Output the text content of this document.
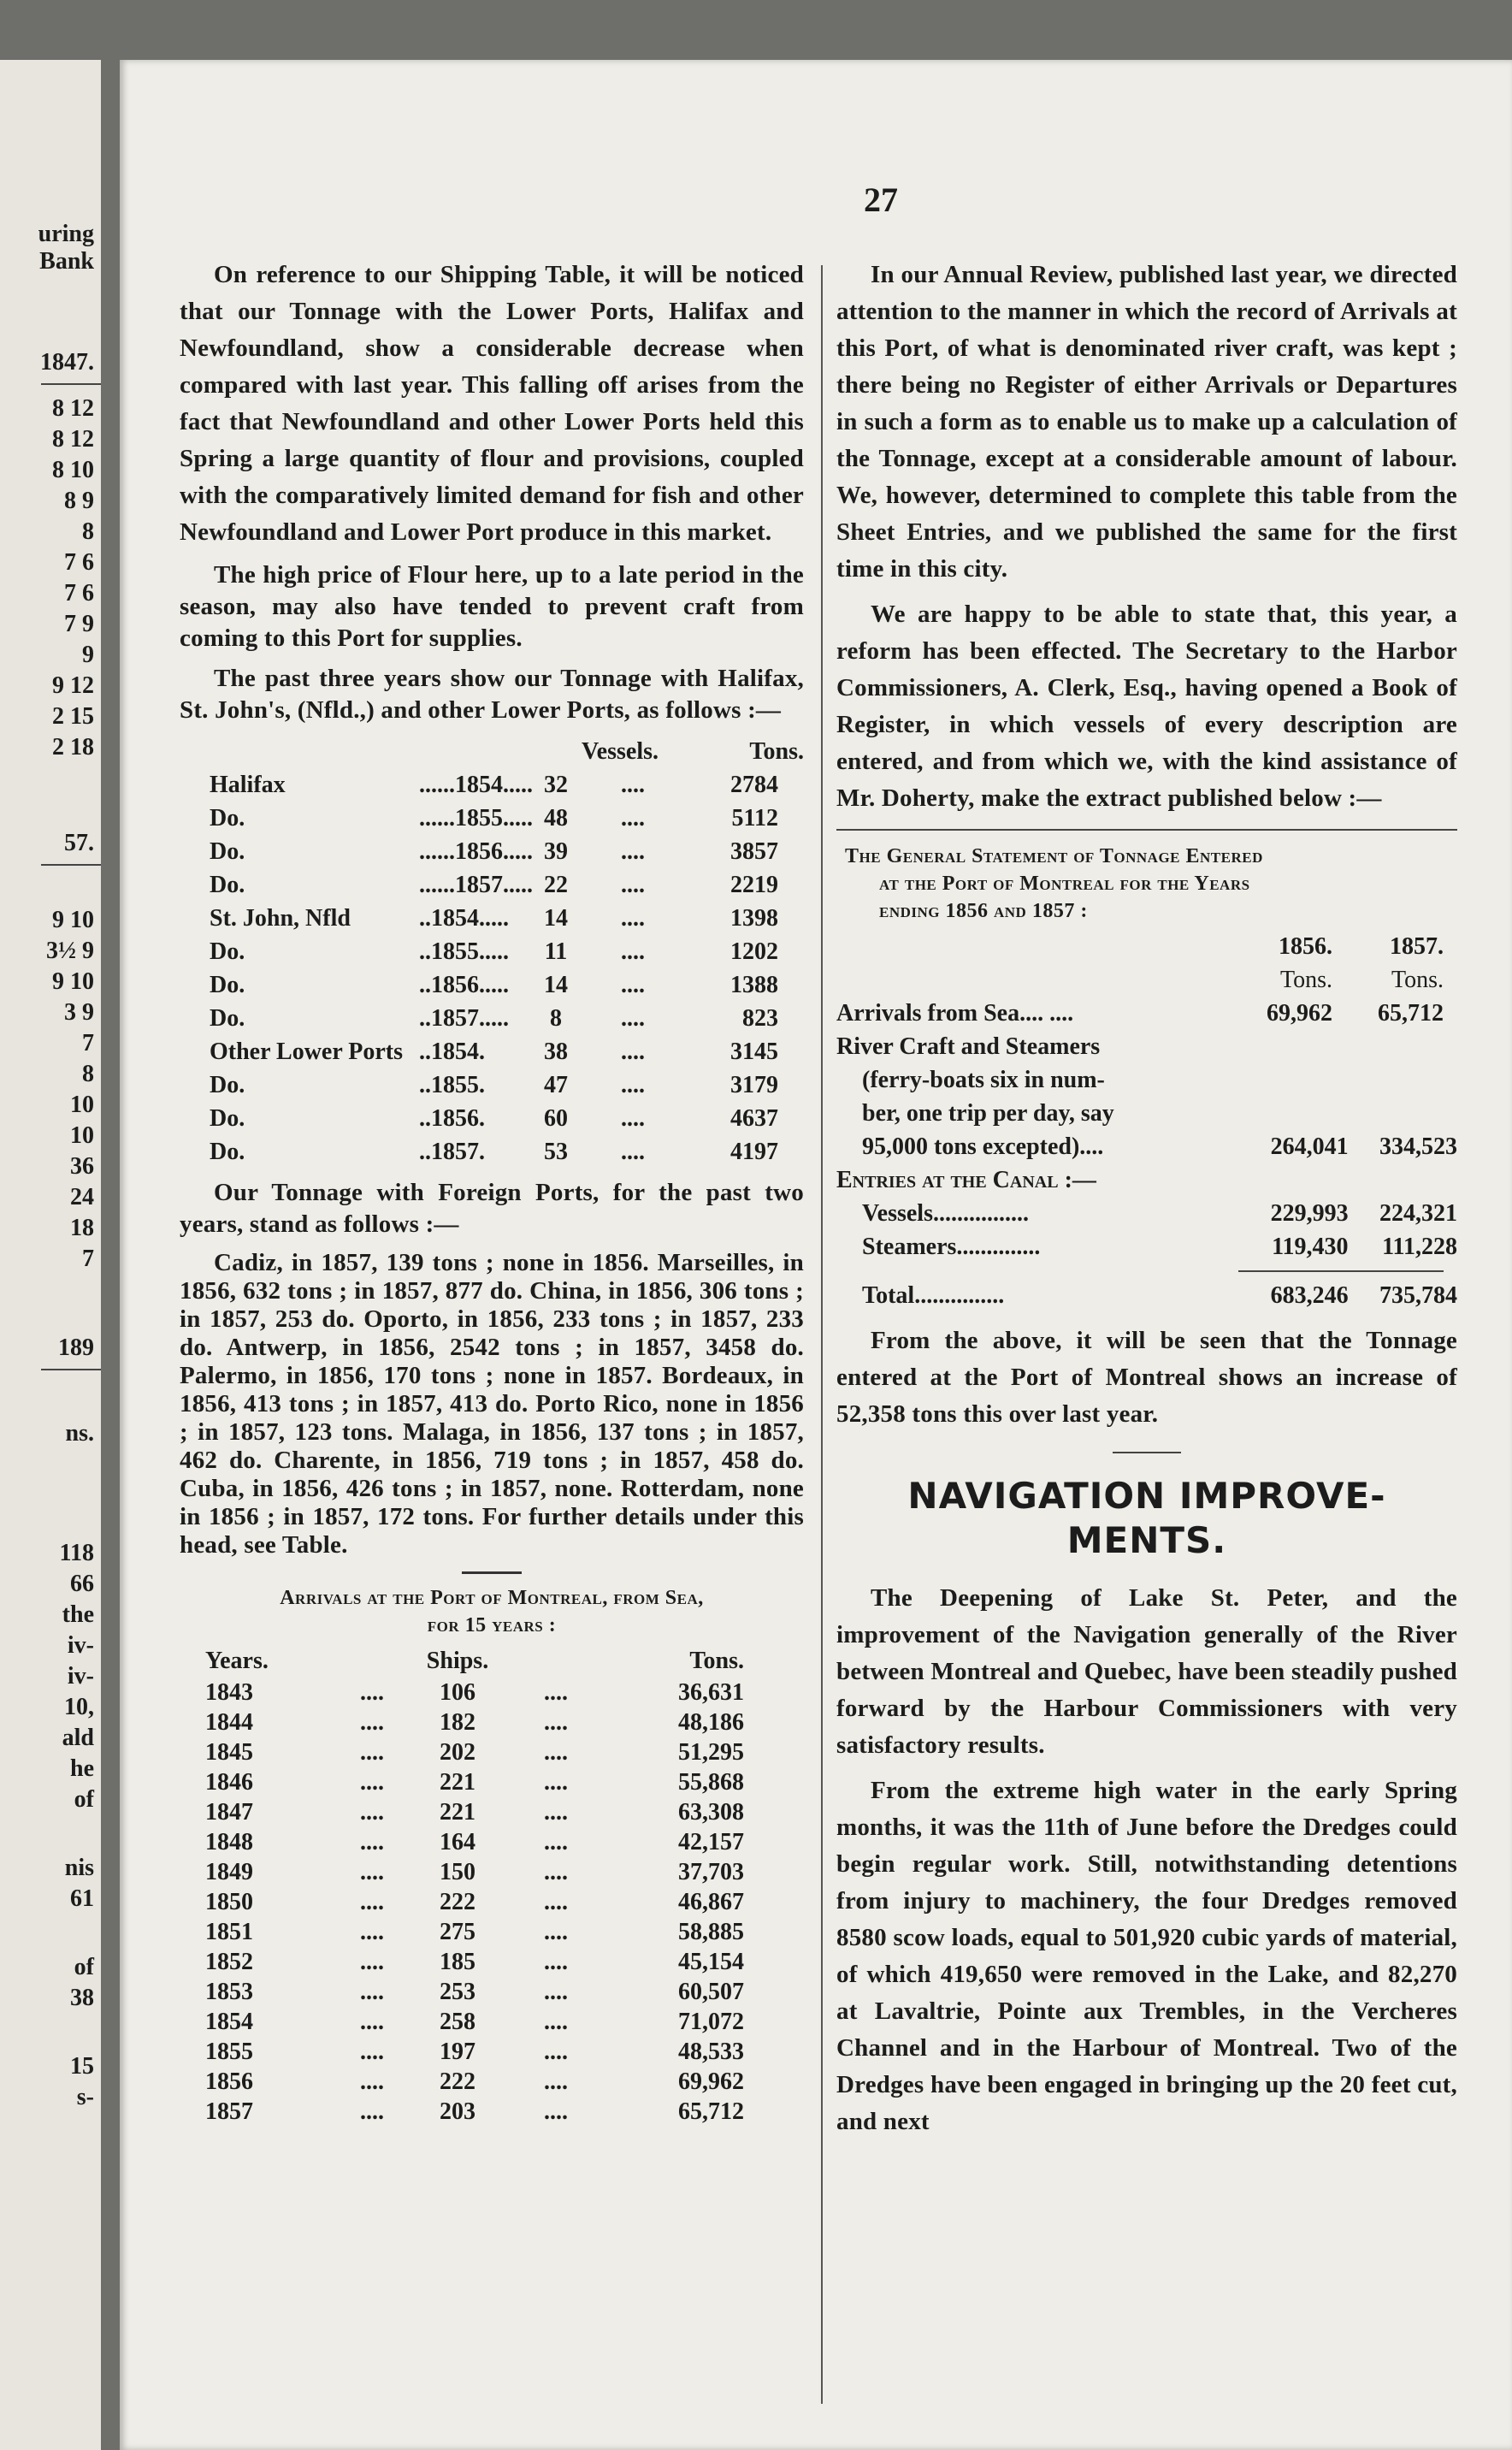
uring
Bank
1847.
8 12
8 12
8 10
8 9
8
7 6
7 6
7 9
9
9 12
2 15
2 18
57.
9 10
3½ 9
9 10
3 9
7
8
10
10
36
24
18
7
189
ns.
118
66
the
iv-
iv-
10,
ald
he
of
nis
61
of
38
15
s-
27

On reference to our Shipping Table, it will be noticed that our Tonnage with the Lower Ports, Halifax and Newfoundland, show a considerable decrease when compared with last year. This falling off arises from the fact that Newfoundland and other Lower Ports held this Spring a large quantity of flour and provisions, coupled with the comparatively limited demand for fish and other Newfoundland and Lower Port produce in this market.

The high price of Flour here, up to a late period in the season, may also have tended to prevent craft from coming to this Port for supplies.

The past three years show our Tonnage with Halifax, St. John's, (Nfld.,) and other Lower Ports, as follows :—

Vessels.	Tons.
Halifax	......1854..... 32	....	2784
Do.	......1855..... 48	....	5112
Do.	......1856..... 39	....	3857
Do.	......1857..... 22	....	2219
St. John, Nfld	..1854.....	14	....	1398
Do.	..1855.....	11	....	1202
Do.	..1856.....	14	....	1388
Do.	..1857.....	8	....	823
Other Lower Ports ..1854.	38	....	3145
Do.	..1855.	47	....	3179
Do.	..1856.	60	....	4637
Do.	..1857.	53	....	4197

Our Tonnage with Foreign Ports, for the past two years, stand as follows :—

Cadiz, in 1857, 139 tons ; none in 1856. Marseilles, in 1856, 632 tons ; in 1857, 877 do. China, in 1856, 306 tons ; in 1857, 253 do. Oporto, in 1856, 233 tons ; in 1857, 233 do. Antwerp, in 1856, 2542 tons ; in 1857, 3458 do. Palermo, in 1856, 170 tons ; none in 1857. Bordeaux, in 1856, 413 tons ; in 1857, 413 do. Porto Rico, none in 1856 ; in 1857, 123 tons. Malaga, in 1856, 137 tons ; in 1857, 462 do. Charente, in 1856, 719 tons ; in 1857, 458 do. Cuba, in 1856, 426 tons ; in 1857, none. Rotterdam, none in 1856 ; in 1857, 172 tons. For further details under this head, see Table.

Arrivals at the Port of Montreal, from Sea,
for 15 years :
Years.	Ships.	Tons.
1843	....	106	....	36,631
1844	....	182	....	48,186
1845	....	202	....	51,295
1846	....	221	....	55,868
1847	....	221	....	63,308
1848	....	164	....	42,157
1849	....	150	....	37,703
1850	....	222	....	46,867
1851	....	275	....	58,885
1852	....	185	....	45,154
1853	....	253	....	60,507
1854	....	258	....	71,072
1855	....	197	....	48,533
1856	....	222	....	69,962
1857	....	203	....	65,712

In our Annual Review, published last year, we directed attention to the manner in which the record of Arrivals at this Port, of what is denominated river craft, was kept ; there being no Register of either Arrivals or Departures in such a form as to enable us to make up a calculation of the Tonnage, except at a considerable amount of labour. We, however, determined to complete this table from the Sheet Entries, and we published the same for the first time in this city.

We are happy to be able to state that, this year, a reform has been effected. The Secretary to the Harbor Commissioners, A. Clerk, Esq., having opened a Book of Register, in which vessels of every description are entered, and from which we, with the kind assistance of Mr. Doherty, make the extract published below :—

The General Statement of Tonnage Entered
at the Port of Montreal for the Years
ending 1856 and 1857 :
1856.	1857.
Tons.	Tons.
Arrivals from Sea.... ....	69,962	65,712
River Craft and Steamers
(ferry-boats six in num-
ber, one trip per day, say
95,000 tons excepted)....	264,041	334,523
Entries at the Canal :—
Vessels................	229,993	224,321
Steamers..............	119,430	111,228
Total...............	683,246	735,784

From the above, it will be seen that the Tonnage entered at the Port of Montreal shows an increase of 52,358 tons this over last year.

NAVIGATION IMPROVE-
MENTS.

The Deepening of Lake St. Peter, and the improvement of the Navigation generally of the River between Montreal and Quebec, have been steadily pushed forward by the Harbour Commissioners with very satisfactory results.

From the extreme high water in the early Spring months, it was the 11th of June before the Dredges could begin regular work. Still, notwithstanding detentions from injury to machinery, the four Dredges removed 8580 scow loads, equal to 501,920 cubic yards of material, of which 419,650 were removed in the Lake, and 82,270 at Lavaltrie, Pointe aux Trembles, in the Vercheres Channel and in the Harbour of Montreal. Two of the Dredges have been engaged in bringing up the 20 feet cut, and next
